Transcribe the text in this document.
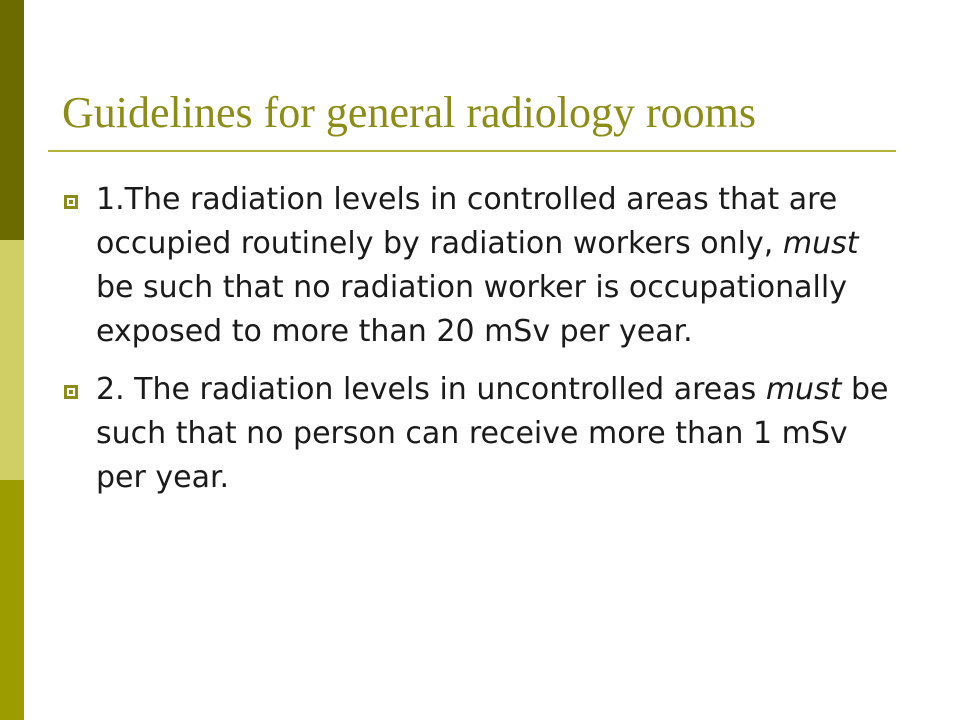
Guidelines for general radiology rooms
1.The radiation levels in controlled areas that are occupied routinely by radiation workers only, must be such that no radiation worker is occupationally exposed to more than 20 mSv per year.
2. The radiation levels in uncontrolled areas must be such that no person can receive more than 1 mSv per year.
